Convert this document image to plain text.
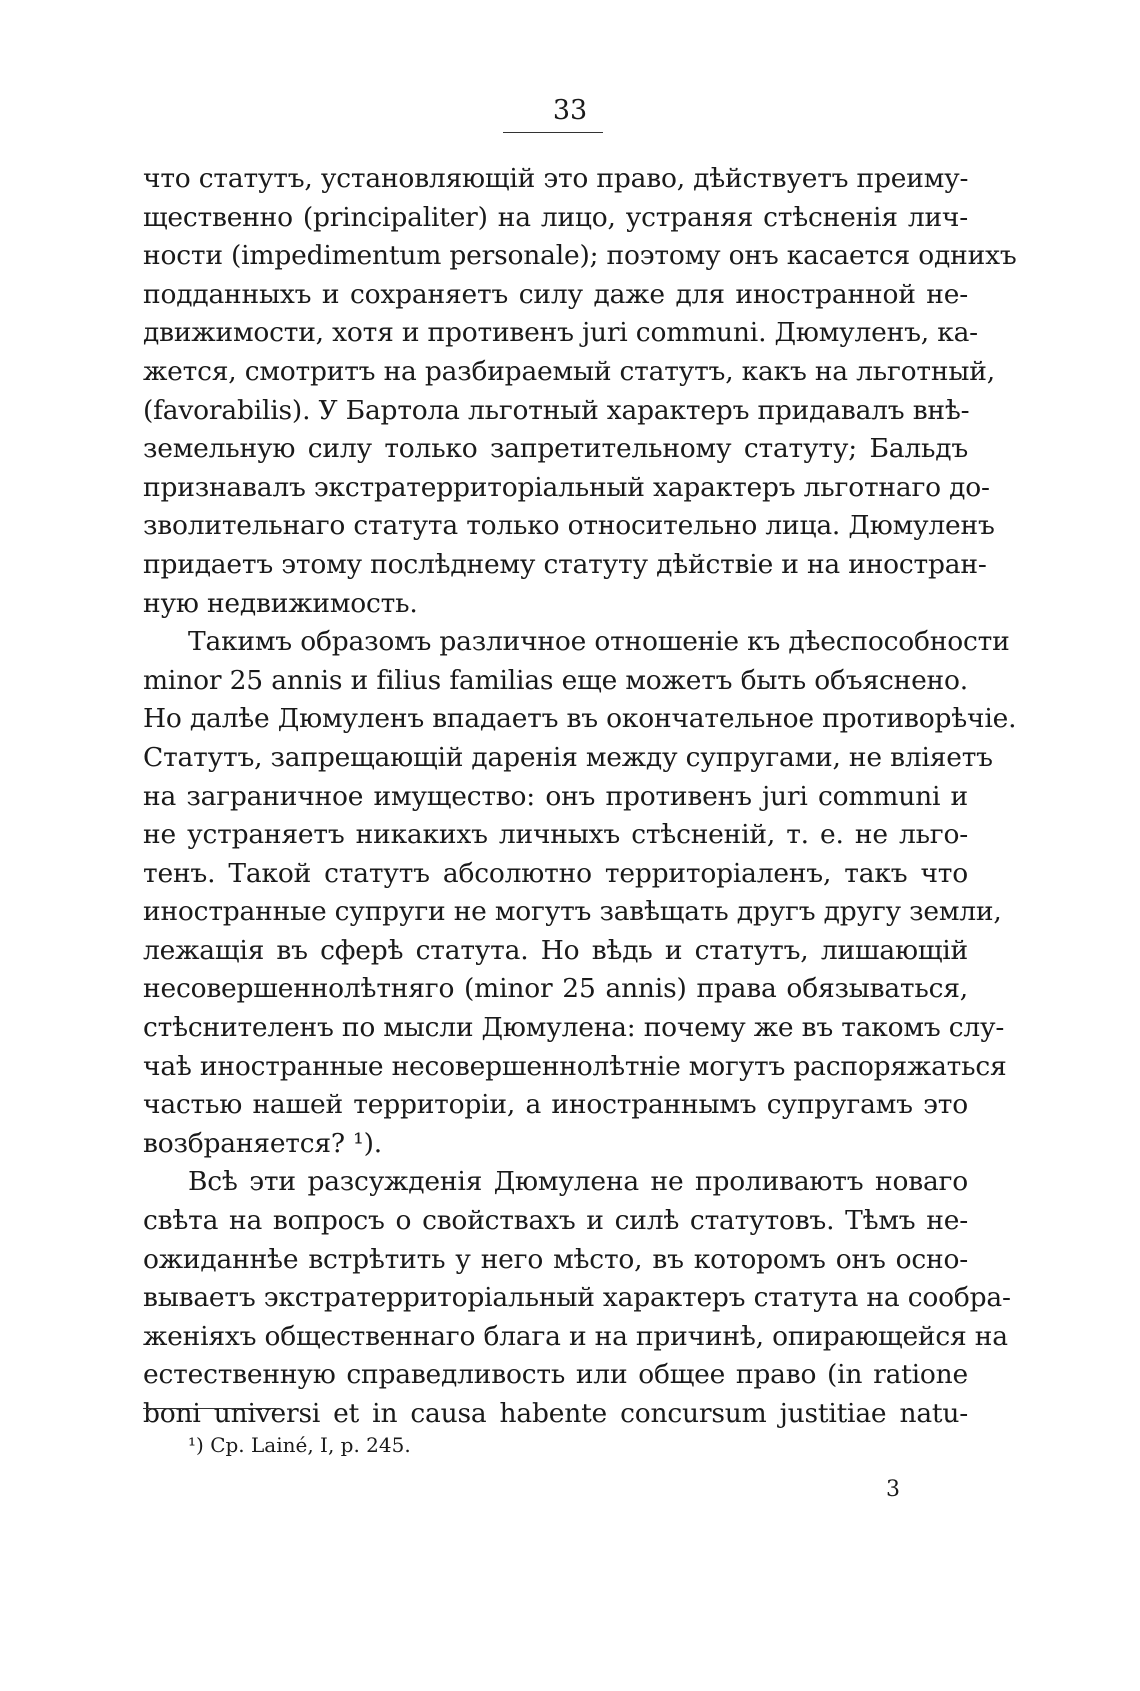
33
что статутъ, установляющій это право, дѣйствуетъ преиму-
щественно (principaliter) на лицо, устраняя стѣсненія лич-
ности (impedimentum personale); поэтому онъ касается однихъ
подданныхъ и сохраняетъ силу даже для иностранной не-
движимости, хотя и противенъ juri communi. Дюмуленъ, ка-
жется, смотритъ на разбираемый статутъ, какъ на льготный,
(favorabilis). У Бартола льготный характеръ придавалъ внѣ-
земельную силу только запретительному статуту; Бальдъ
признавалъ экстратерриторіальный характеръ льготнаго до-
зволительнаго статута только относительно лица. Дюмуленъ
придаетъ этому послѣднему статуту дѣйствіе и на иностран-
ную недвижимость.
Такимъ образомъ различное отношеніе къ дѣеспособности
minor 25 annis и filius familias еще можетъ быть объяснено.
Но далѣе Дюмуленъ впадаетъ въ окончательное противорѣчіе.
Статутъ, запрещающій даренія между супругами, не вліяетъ
на заграничное имущество: онъ противенъ juri communi и
не устраняетъ никакихъ личныхъ стѣсненій, т. е. не льго-
тенъ. Такой статутъ абсолютно территоріаленъ, такъ что
иностранные супруги не могутъ завѣщать другъ другу земли,
лежащія въ сферѣ статута. Но вѣдь и статутъ, лишающій
несовершеннолѣтняго (minor 25 annis) права обязываться,
стѣснителенъ по мысли Дюмулена: почему же въ такомъ слу-
чаѣ иностранные несовершеннолѣтніе могутъ распоряжаться
частью нашей территоріи, а иностраннымъ супругамъ это
возбраняется? ¹).
Всѣ эти разсужденія Дюмулена не проливаютъ новаго
свѣта на вопросъ о свойствахъ и силѣ статутовъ. Тѣмъ не-
ожиданнѣе встрѣтить у него мѣсто, въ которомъ онъ осно-
вываетъ экстратерриторіальный характеръ статута на сообра-
женіяхъ общественнаго блага и на причинѣ, опирающейся на
естественную справедливость или общее право (in ratione
boni universi et in causa habente concursum justitiae natu-
¹) Cp. Lainé, I, p. 245.
3
